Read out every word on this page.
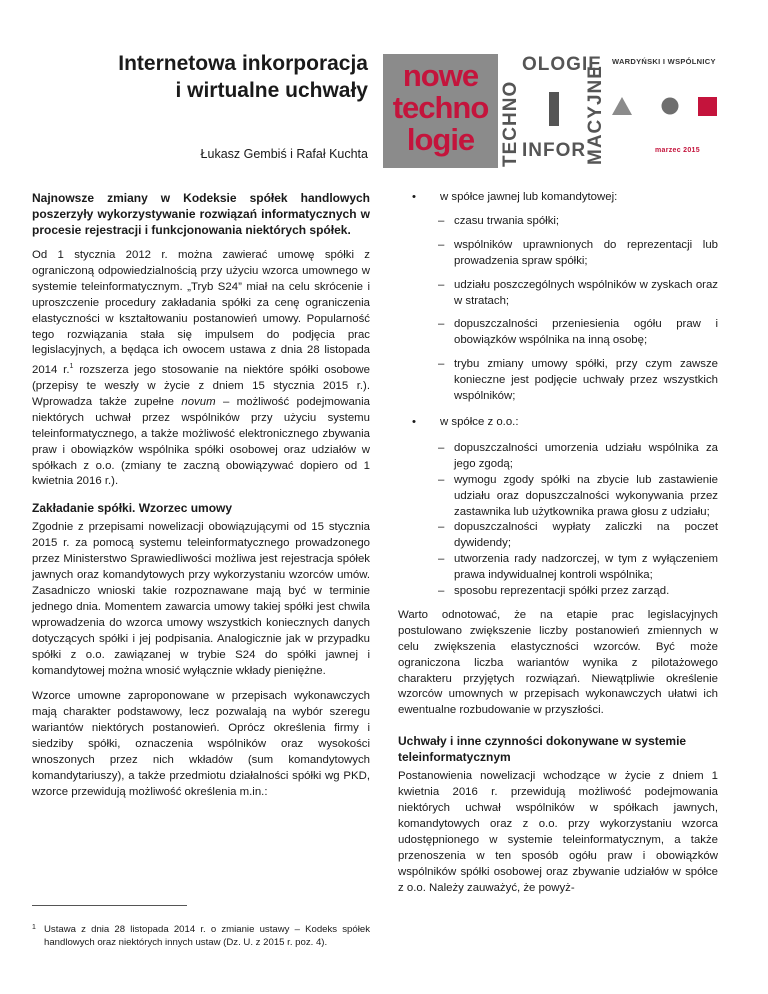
Internetowa inkorporacja
i wirtualne uchwały
Łukasz Gembiś i Rafał Kuchta
nowe
techno
logie	TECHNO
OLOGIE
MACYJNE
INFOR
WARDYŃSKI I WSPÓLNICY
marzec 2015

Najnowsze zmiany w Kodeksie spółek handlowych poszerzyły wykorzystywanie rozwiązań informatycznych w procesie rejestracji i funkcjonowania niektórych spółek.

Od 1 stycznia 2012 r. można zawierać umowę spółki z ograniczoną odpowiedzialnością przy użyciu wzorca umownego w systemie teleinformatycznym. „Tryb S24” miał na celu skrócenie i uproszczenie procedury zakładania spółki za cenę ograniczenia elastyczności w kształtowaniu postanowień umowy. Popularność tego rozwiązania stała się impulsem do podjęcia prac legislacyjnych, a będąca ich owocem ustawa z dnia 28 listopada 2014 r.$^1$ rozszerza jego stosowanie na niektóre spółki osobowe (przepisy te weszły w życie z dniem 15 stycznia 2015 r.). Wprowadza także zupełne novum – możliwość podejmowania niektórych uchwał przez wspólników przy użyciu systemu teleinformatycznego, a także możliwość elektronicznego zbywania praw i obowiązków wspólnika spółki osobowej oraz udziałów w spółkach z o.o. (zmiany te zaczną obowiązywać dopiero od 1 kwietnia 2016 r.).

Zakładanie spółki. Wzorzec umowy

Zgodnie z przepisami nowelizacji obowiązującymi od 15 stycznia 2015 r. za pomocą systemu teleinformatycznego prowadzonego przez Ministerstwo Sprawiedliwości możliwa jest rejestracja spółek jawnych oraz komandytowych przy wykorzystaniu wzorców umów. Zasadniczo wnioski takie rozpoznawane mają być w terminie jednego dnia. Momentem zawarcia umowy takiej spółki jest chwila wprowadzenia do wzorca umowy wszystkich koniecznych danych dotyczących spółki i jej podpisania. Analogicznie jak w przypadku spółki z o.o. zawiązanej w trybie S24 do spółki jawnej i komandytowej można wnosić wyłącznie wkłady pieniężne.

Wzorce umowne zaproponowane w przepisach wykonawczych mają charakter podstawowy, lecz pozwalają na wybór szeregu wariantów niektórych postanowień. Oprócz określenia firmy i siedziby spółki, oznaczenia wspólników oraz wysokości wnoszonych przez nich wkładów (sum komandytowych komandytariuszy), a także przedmiotu działalności spółki wg PKD, wzorce przewidują możliwość określenia m.in.:

1 Ustawa z dnia 28 listopada 2014 r. o zmianie ustawy – Kodeks spółek handlowych oraz niektórych innych ustaw (Dz. U. z 2015 r. poz. 4).
• w spółce jawnej lub komandytowej:
– czasu trwania spółki;
– wspólników uprawnionych do reprezentacji lub prowadzenia spraw spółki;
– udziału poszczególnych wspólników w zyskach oraz w stratach;
– dopuszczalności przeniesienia ogółu praw i obowiązków wspólnika na inną osobę;
– trybu zmiany umowy spółki, przy czym zawsze konieczne jest podjęcie uchwały przez wszystkich wspólników;
• w spółce z o.o.:
– dopuszczalności umorzenia udziału wspólnika za jego zgodą;
– wymogu zgody spółki na zbycie lub zastawienie udziału oraz dopuszczalności wykonywania przez zastawnika lub użytkownika prawa głosu z udziału;
– dopuszczalności wypłaty zaliczki na poczet dywidendy;
– utworzenia rady nadzorczej, w tym z wyłączeniem prawa indywidualnej kontroli wspólnika;
– sposobu reprezentacji spółki przez zarząd.

Warto odnotować, że na etapie prac legislacyjnych postulowano zwiększenie liczby postanowień zmiennych w celu zwiększenia elastyczności wzorców. Być może ograniczona liczba wariantów wynika z pilotażowego charakteru przyjętych rozwiązań. Niewątpliwie określenie wzorców umownych w przepisach wykonawczych ułatwi ich ewentualne rozbudowanie w przyszłości.

Uchwały i inne czynności dokonywane w systemie teleinformatycznym

Postanowienia nowelizacji wchodzące w życie z dniem 1 kwietnia 2016 r. przewidują możliwość podejmowania niektórych uchwał wspólników w spółkach jawnych, komandytowych oraz z o.o. przy wykorzystaniu wzorca udostępnionego w systemie teleinformatycznym, a także przenoszenia w ten sposób ogółu praw i obowiązków wspólników spółki osobowej oraz zbywanie udziałów w spółce z o.o. Należy zauważyć, że powyż-
